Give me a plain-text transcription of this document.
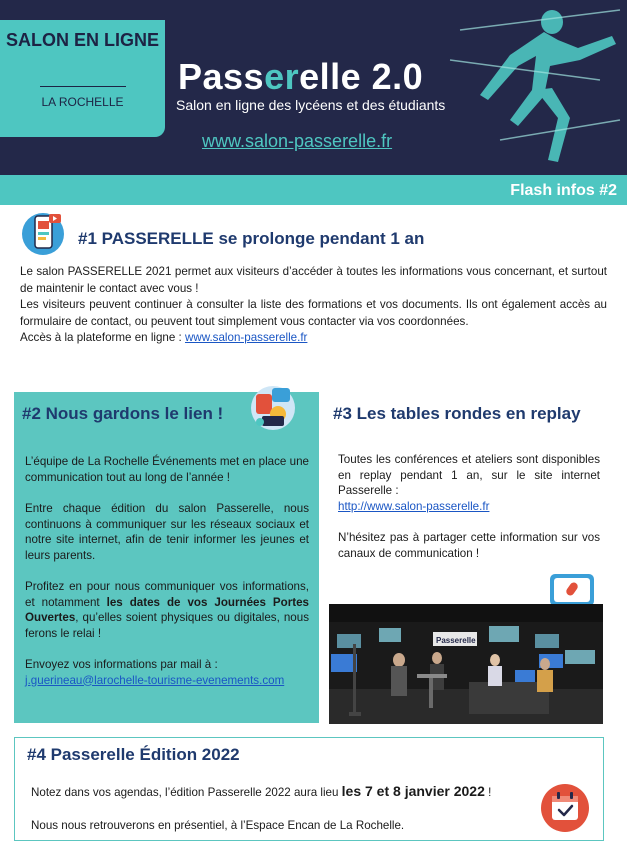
SALON EN LIGNE
LA ROCHELLE
Passerelle 2.0
Salon en ligne des lycéens et des étudiants
www.salon-passerelle.fr
Flash infos #2
#1 PASSERELLE se prolonge pendant 1 an

Le salon PASSERELLE 2021 permet aux visiteurs d’accéder à toutes les informations vous concernant, et surtout de maintenir le contact avec vous !

Les visiteurs peuvent continuer à consulter la liste des formations et vos documents. Ils ont également accès au formulaire de contact, ou peuvent tout simplement vous contacter via vos coordonnées.

Accès à la plateforme en ligne : www.salon-passerelle.fr

#2 Nous gardons le lien !

L’équipe de La Rochelle Événements met en place une communication tout au long de l’année !

Entre chaque édition du salon Passerelle, nous continuons à communiquer sur les réseaux sociaux et notre site internet, afin de tenir informer les jeunes et leurs parents.

Profitez en pour nous communiquer vos informations, et notamment les dates de vos Journées Portes Ouvertes, qu’elles soient physiques ou digitales, nous ferons le relai !

Envoyez vos informations par mail à :
j.guerineau@larochelle-tourisme-evenements.com

#3 Les tables rondes en replay

Toutes les conférences et ateliers sont disponibles en replay pendant 1 an, sur le site internet Passerelle :

http://www.salon-passerelle.fr

N’hésitez pas à partager cette information sur vos canaux de communication !

Passerelle
#4 Passerelle Édition 2022
Notez dans vos agendas, l’édition Passerelle 2022 aura lieu les 7 et 8 janvier 2022 !
Nous nous retrouverons en présentiel, à l’Espace Encan de La Rochelle.
